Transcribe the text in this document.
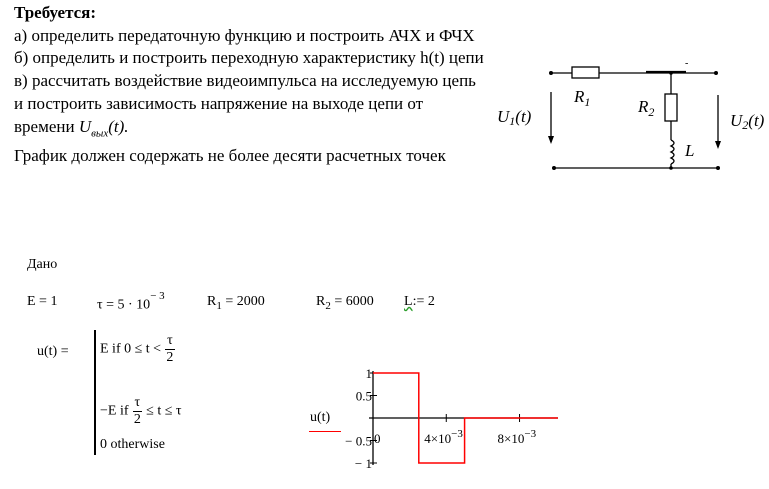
Требуется:
а) определить передаточную функцию и построить АЧХ и ФЧХ
б) определить и построить переходную характеристику h(t) цепи
в) рассчитать воздействие видеоимпульса на исследуемую цепь и построить зависимость напряжение на выходе цепи от времени $U_{вых}(t)$.
График должен содержать не более десяти расчетных точек
$R_1$	$R_2$
L
U1(t)	U2(t)
-
Дано
E = 1	$\tau = 5 \cdot 10^{- 3}$	$R_1 = 2000$	$R_2 = 6000$ L:= 2
u(t) = E if $0 \le t < \frac{\tau}{2}$
−E if $\frac{\tau}{2} \le t \le \tau$
0 otherwise
u(t)
1
0.5
− 0.5
− 1
0	$4\times 10^{-3}$	$8\times 10^{-3}$
